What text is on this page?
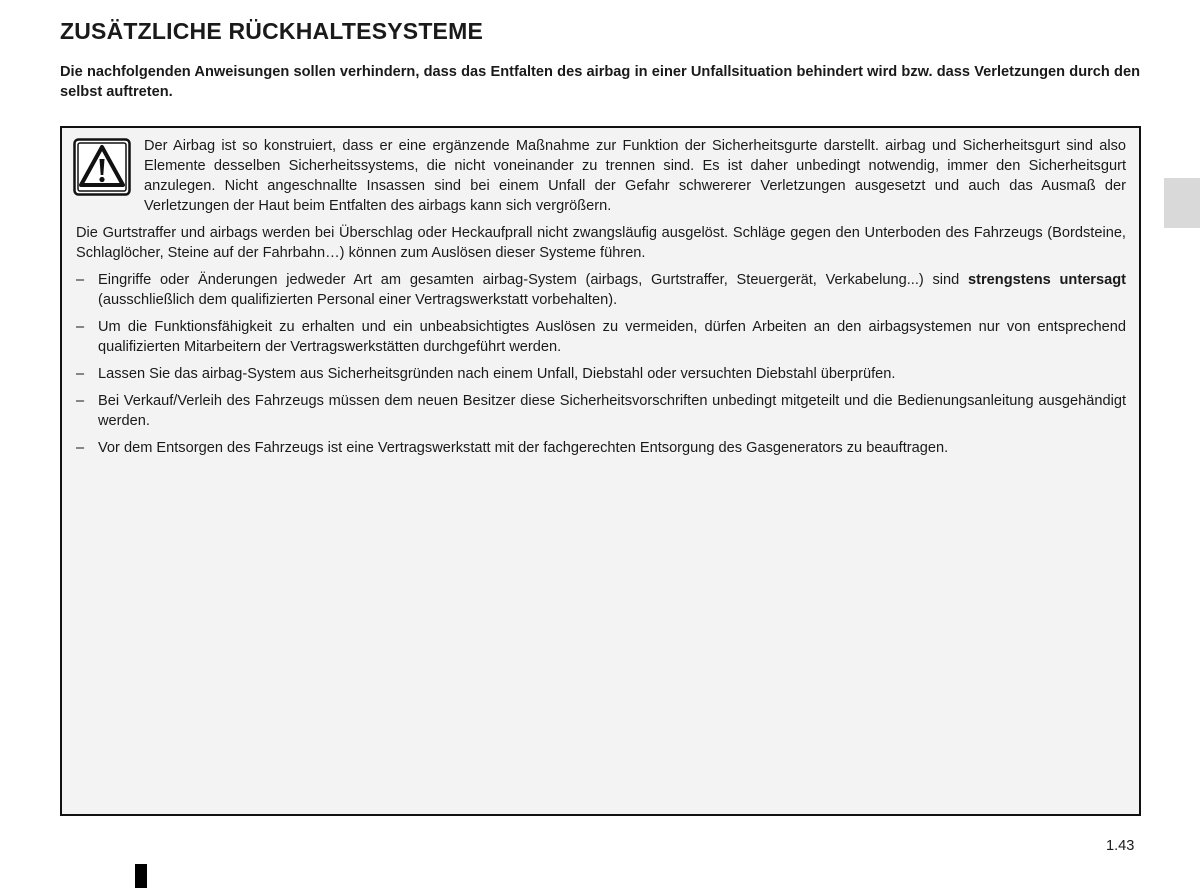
ZUSÄTZLICHE RÜCKHALTESYSTEME

Die nachfolgenden Anweisungen sollen verhindern, dass das Entfalten des airbag in einer Unfallsituation behindert wird bzw. dass Verletzungen durch den selbst auftreten.

Der Airbag ist so konstruiert, dass er eine ergänzende Maßnahme zur Funktion der Sicherheitsgurte darstellt. airbag und Sicherheitsgurt sind also Elemente desselben Sicherheitssystems, die nicht voneinander zu trennen sind. Es ist daher unbedingt notwendig, immer den Sicherheitsgurt anzulegen. Nicht angeschnallte Insassen sind bei einem Unfall der Gefahr schwererer Verletzungen ausgesetzt und auch das Ausmaß der Verletzungen der Haut beim Entfalten des airbags kann sich vergrößern.

Die Gurtstraffer und airbags werden bei Überschlag oder Heckaufprall nicht zwangsläufig ausgelöst. Schläge gegen den Unterboden des Fahrzeugs (Bordsteine, Schlaglöcher, Steine auf der Fahrbahn…) können zum Auslösen dieser Systeme führen.

– Eingriffe oder Änderungen jedweder Art am gesamten airbag-System (airbags, Gurtstraffer, Steuergerät, Verkabelung...) sind strengstens untersagt (ausschließlich dem qualifizierten Personal einer Vertragswerkstatt vorbehalten).
– Um die Funktionsfähigkeit zu erhalten und ein unbeabsichtigtes Auslösen zu vermeiden, dürfen Arbeiten an den airbagsystemen nur von entsprechend qualifizierten Mitarbeitern der Vertragswerkstätten durchgeführt werden.
– Lassen Sie das airbag-System aus Sicherheitsgründen nach einem Unfall, Diebstahl oder versuchten Diebstahl überprüfen.
– Bei Verkauf/Verleih des Fahrzeugs müssen dem neuen Besitzer diese Sicherheitsvorschriften unbedingt mitgeteilt und die Bedienungsanleitung ausgehändigt werden.
– Vor dem Entsorgen des Fahrzeugs ist eine Vertragswerkstatt mit der fachgerechten Entsorgung des Gasgenerators zu beauftragen.
1.43
